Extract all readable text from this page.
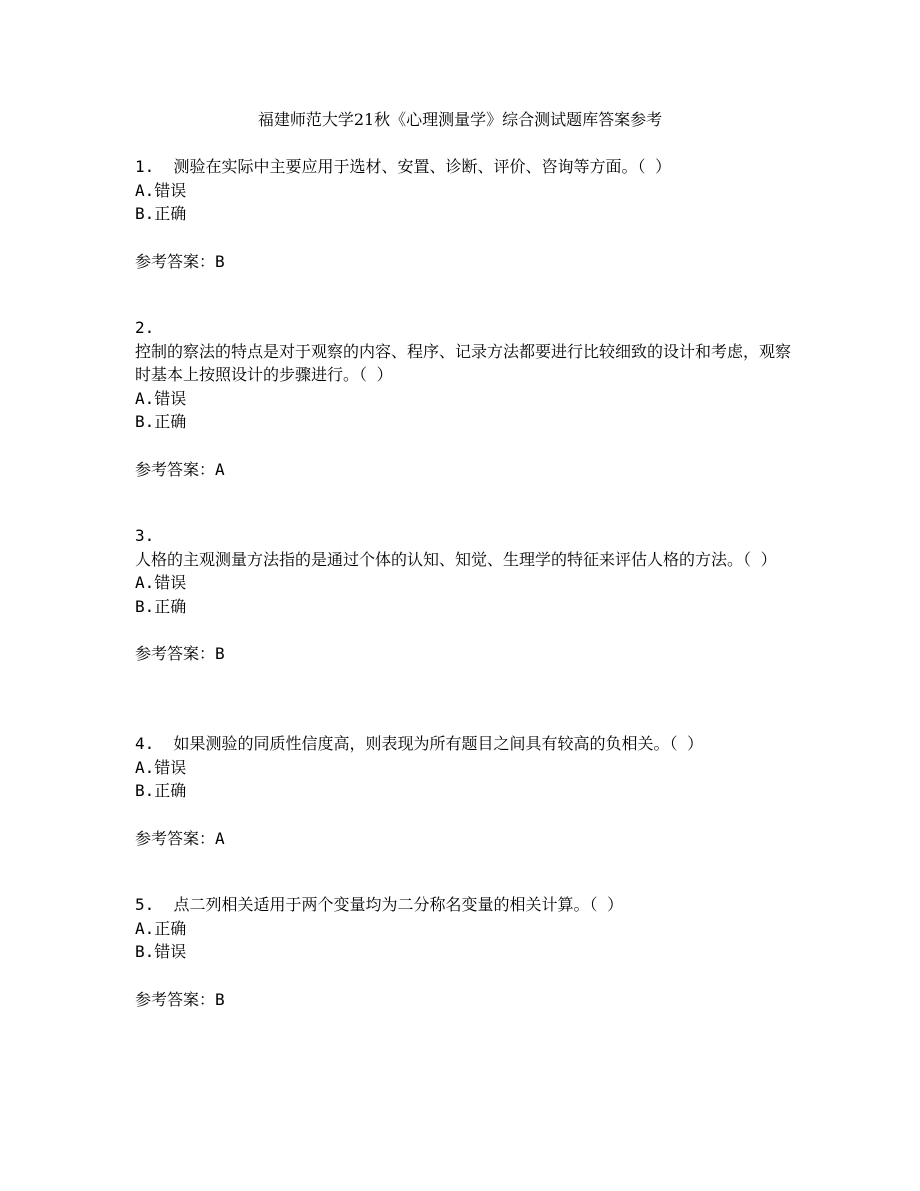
福建师范大学21秋《心理测量学》综合测试题库答案参考
1. 测验在实际中主要应用于选材、安置、诊断、评价、咨询等方面。（ ）
A.错误
B.正确
参考答案：B
2.
控制的察法的特点是对于观察的内容、程序、记录方法都要进行比较细致的设计和考虑，观察时基本上按照设计的步骤进行。（ ）
A.错误
B.正确
参考答案：A
3.
人格的主观测量方法指的是通过个体的认知、知觉、生理学的特征来评估人格的方法。（ ）
A.错误
B.正确
参考答案：B
4. 如果测验的同质性信度高，则表现为所有题目之间具有较高的负相关。（ ）
A.错误
B.正确
参考答案：A
5. 点二列相关适用于两个变量均为二分称名变量的相关计算。（ ）
A.正确
B.错误
参考答案：B
